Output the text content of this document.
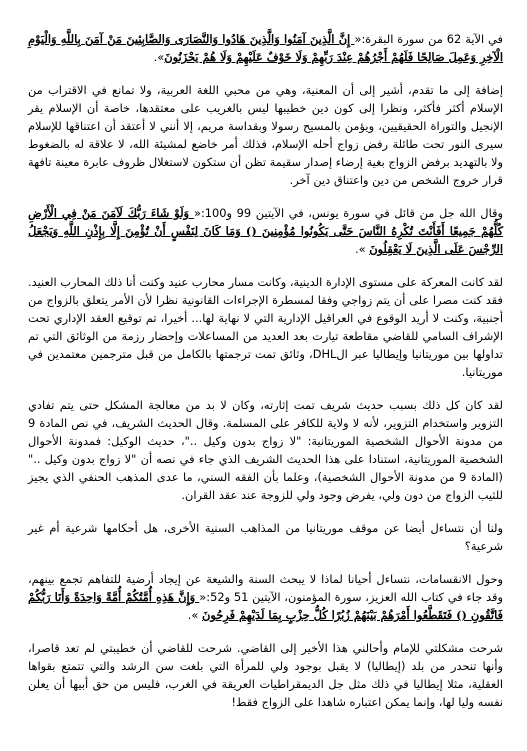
في الآية 62 من سورة البقرة:« إِنَّ الَّذِينَ آمَنُوا وَالَّذِينَ هَادُوا وَالنَّصَارَى وَالصَّابِئِينَ مَنْ آمَنَ بِاللَّهِ وَالْيَوْمِ الْآخِرِ وَعَمِلَ صَالِحًا فَلَهُمْ أَجْرُهُمْ عِنْدَ رَبِّهِمْ وَلَا خَوْفٌ عَلَيْهِمْ وَلَا هُمْ يَحْزَنُونَ».

إضافة إلى ما تقدم، أشير إلى أن المعنية، وهي من محبي اللغة العربية، ولا تمانع في الاقتراب من الإسلام أكثر فأكثر، ونظرا إلى كون دين خطيبها ليس بالغريب على معتقدها، خاصة أن الإسلام يقر الإنجيل والتوراة الحقيقيين، ويؤمن بالمسيح رسولا وبقداسة مريم، إلا أنني لا أعتقد أن اعتناقها للإسلام سيرى النور تحت طائلة رفض زواج أحله الإسلام، فذلك أمر خاضع لمشيئة الله، لا علاقة له بالضغوط ولا بالتهديد برفض الزواج بغية إرضاء إصدار سقيمة تظن أن ستكون لاستغلال ظروف عابرة معينة تافهة قرار خروج الشخص من دين واعتناق دين آخر.

وقال الله جل من قائل في سورة يونس، في الآيتين 99 و100:« وَلَوْ شَاءَ رَبُّكَ لَآمَنَ مَنْ فِي الْأَرْضِ كُلُّهُمْ جَمِيعًا أَفَأَنْتَ تُكْرِهُ النَّاسَ حَتَّى يَكُونُوا مُؤْمِنِينَ () وَمَا كَانَ لِنَفْسٍ أَنْ تُؤْمِنَ إِلَّا بِإِذْنِ اللَّهِ وَيَجْعَلُ الرِّجْسَ عَلَى الَّذِينَ لَا يَعْقِلُونَ ».

لقد كانت المعركة على مستوى الإدارة الدينية، وكانت مسار محارب عنيد وكنت أنا ذلك المحارب العنيد. فقد كنت مصرا على أن يتم زواجي وفقا لمسطرة الإجراءات القانونية نظرا لأن الأمر يتعلق بالزواج من أجنبية، وكنت لا أريد الوقوع في العراقيل الإدارية التي لا نهاية لها... أخيرا، تم توقيع العقد الإداري تحت الإشراف السامي للقاضي مقاطعة تيارت بعد العديد من المساعلات وإحضار رزمة من الوثائق التي تم تداولها بين موريتانيا وإيطاليا عبر الDHL، وثائق تمت ترجمتها بالكامل من قبل مترجمين معتمدين في موريتانيا.

لقد كان كل ذلك بسبب حديث شريف تمت إثارته، وكان لا بد من معالجة المشكل حتى يتم تفادي التزوير واستخدام التزوير، لأنه لا ولاية للكافر على المسلمة. وقال الحديث الشريف، في نص المادة 9 من مدونة الأحوال الشخصية الموريتانية: "لا زواج بدون وكيل .."، حديث الوكيل: فمدونة الأحوال الشخصية الموريتانية، استنادا على هذا الحديث الشريف الذي جاء في نصه أن "لا زواج بدون وكيل .." (المادة 9 من مدونة الأحوال الشخصية)، وعلما بأن الفقه السني، ما عدى المذهب الحنفي الذي يجيز للثيب الزواج من دون ولي، يفرض وجود ولي للزوجة عند عقد القران.

ولنا أن نتساءل أيضا عن موقف موريتانيا من المذاهب السنية الأخرى، هل أحكامها شرعية أم غير شرعية؟

وحول الانقسامات، نتساءل أحيانا لماذا لا يبحث السنة والشيعة عن إيجاد أرضية للتفاهم تجمع بينهم، وقد جاء في كتاب الله العزيز، سورة المؤمنون، الآيتين 51 و52:« وَإِنَّ هَذِهِ أُمَّتُكُمْ أُمَّةً وَاحِدَةً وَأَنَا رَبُّكُمْ فَاتَّقُونِ () فَتَقَطَّعُوا أَمْرَهُمْ بَيْنَهُمْ زُبُرًا كُلُّ حِزْبٍ بِمَا لَدَيْهِمْ فَرِحُونَ ».

شرحت مشكلتي للإمام وأحالني هذا الأخير إلى القاضي. شرحت للقاضي أن خطيبتي لم تعد قاصرا، وأنها تنحدر من بلد (إيطاليا) لا يقبل بوجود ولي للمرأة التي بلغت سن الرشد والتي تتمتع بقواها العقلية، مثلا إيطاليا في ذلك مثل جل الديمقراطيات العريقة في الغرب، فليس من حق أبيها أن يعلن نفسه وليا لها، وإنما يمكن اعتباره شاهدا على الزواج فقط!
